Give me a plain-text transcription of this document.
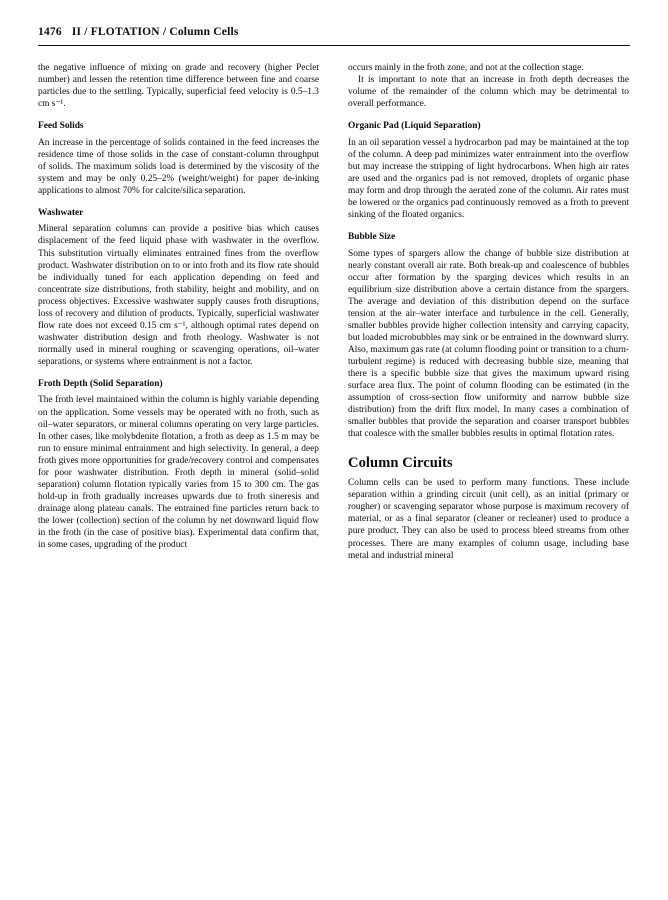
1476 II / FLOTATION / Column Cells

the negative influence of mixing on grade and recovery (higher Peclet number) and lessen the retention time difference between fine and coarse particles due to the settling. Typically, superficial feed velocity is 0.5–1.3 cm s⁻¹.

Feed Solids

An increase in the percentage of solids contained in the feed increases the residence time of those solids in the case of constant-column throughput of solids. The maximum solids load is determined by the viscosity of the system and may be only 0.25–2% (weight/weight) for paper de-inking applications to almost 70% for calcite/silica separation.

Washwater

Mineral separation columns can provide a positive bias which causes displacement of the feed liquid phase with washwater in the overflow. This substitution virtually eliminates entrained fines from the overflow product. Washwater distribution on to or into froth and its flow rate should be individually tuned for each application depending on feed and concentrate size distributions, froth stability, height and mobility, and on process objectives. Excessive washwater supply causes froth disruptions, loss of recovery and dilution of products. Typically, superficial washwater flow rate does not exceed 0.15 cm s⁻¹, although optimal rates depend on washwater distribution design and froth rheology. Washwater is not normally used in mineral roughing or scavenging operations, oil–water separations, or systems where entrainment is not a factor.

Froth Depth (Solid Separation)

The froth level maintained within the column is highly variable depending on the application. Some vessels may be operated with no froth, such as oil–water separators, or mineral columns operating on very large particles. In other cases, like molybdenite flotation, a froth as deep as 1.5 m may be run to ensure minimal entrainment and high selectivity. In general, a deep froth gives more opportunities for grade/recovery control and compensates for poor washwater distribution. Froth depth in mineral (solid–solid separation) column flotation typically varies from 15 to 300 cm. The gas hold-up in froth gradually increases upwards due to froth sineresis and drainage along plateau canals. The entrained fine particles return back to the lower (collection) section of the column by net downward liquid flow in the froth (in the case of positive bias). Experimental data confirm that, in some cases, upgrading of the product

occurs mainly in the froth zone, and not at the collection stage.

It is important to note that an increase in froth depth decreases the volume of the remainder of the column which may be detrimental to overall performance.

Organic Pad (Liquid Separation)

In an oil separation vessel a hydrocarbon pad may be maintained at the top of the column. A deep pad minimizes water entrainment into the overflow but may increase the stripping of light hydrocarbons. When high air rates are used and the organics pad is not removed, droplets of organic phase may form and drop through the aerated zone of the column. Air rates must be lowered or the organics pad continuously removed as a froth to prevent sinking of the floated organics.

Bubble Size

Some types of spargers allow the change of bubble size distribution at nearly constant overall air rate. Both break-up and coalescence of bubbles occur after formation by the sparging devices which results in an equilibrium size distribution above a certain distance from the spargers. The average and deviation of this distribution depend on the surface tension at the air–water interface and turbulence in the cell. Generally, smaller bubbles provide higher collection intensity and carrying capacity, but loaded microbubbles may sink or be entrained in the downward slurry. Also, maximum gas rate (at column flooding point or transition to a churn-turbulent regime) is reduced with decreasing bubble size, meaning that there is a specific bubble size that gives the maximum upward rising surface area flux. The point of column flooding can be estimated (in the assumption of cross-section flow uniformity and narrow bubble size distribution) from the drift flux model. In many cases a combination of smaller bubbles that provide the separation and coarser transport bubbles that coalesce with the smaller bubbles results in optimal flotation rates.

Column Circuits

Column cells can be used to perform many functions. These include separation within a grinding circuit (unit cell), as an initial (primary or rougher) or scavenging separator whose purpose is maximum recovery of material, or as a final separator (cleaner or recleaner) used to produce a pure product. They can also be used to process bleed streams from other processes. There are many examples of column usage, including base metal and industrial mineral
